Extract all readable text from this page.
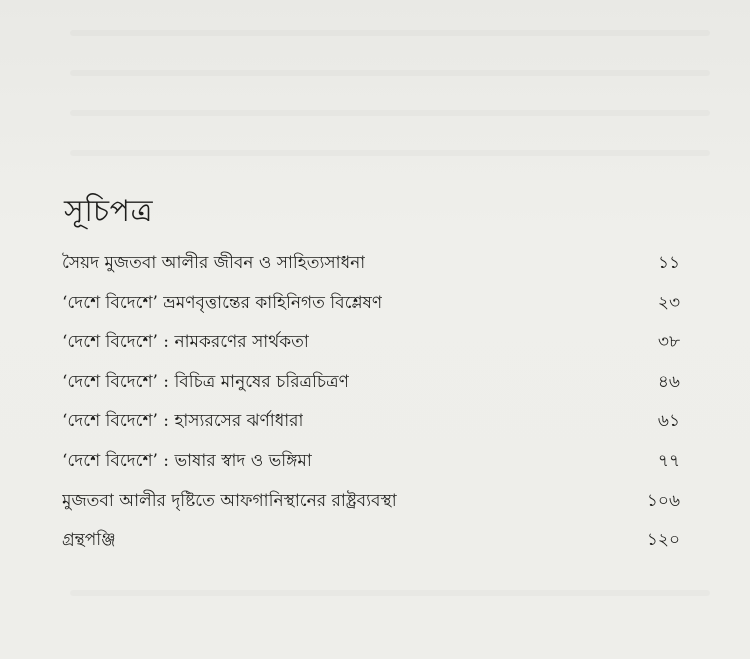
সূচিপত্র
সৈয়দ মুজতবা আলীর জীবন ও সাহিত্যসাধনা	১১
‘দেশে বিদেশে’ ভ্রমণবৃত্তান্তের কাহিনিগত বিশ্লেষণ	২৩
‘দেশে বিদেশে’ : নামকরণের সার্থকতা	৩৮
‘দেশে বিদেশে’ : বিচিত্র মানুষের চরিত্রচিত্রণ	৪৬
‘দেশে বিদেশে’ : হাস্যরসের ঝর্ণাধারা	৬১
‘দেশে বিদেশে’ : ভাষার স্বাদ ও ভঙ্গিমা	৭৭
মুজতবা আলীর দৃষ্টিতে আফগানিস্থানের রাষ্ট্রব্যবস্থা	১০৬
গ্রন্থপঞ্জি	১২০
